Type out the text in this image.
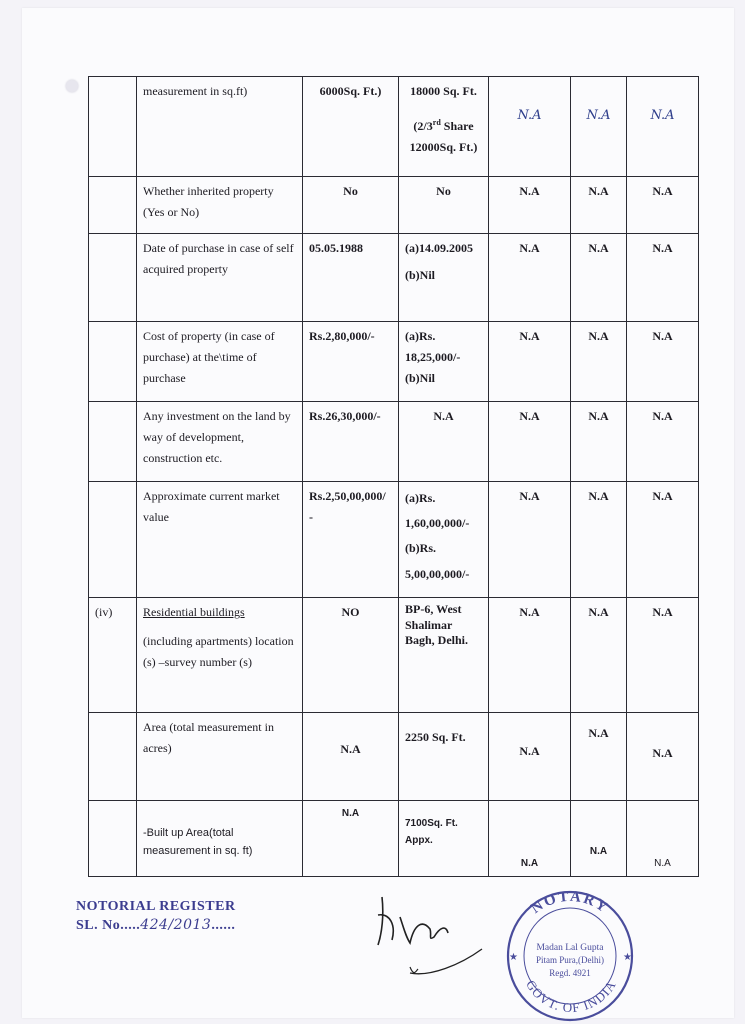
	measurement in sq.ft)	6000Sq. Ft.)	18000 Sq. Ft.
(2/3rd Share
12000Sq. Ft.)	N.A	N.A	N.A
	Whether inherited property (Yes or No)	No	No	N.A	N.A	N.A
	Date of purchase in case of self acquired property	05.05.1988	(a)14.09.2005
(b)Nil	N.A	N.A	N.A
	Cost of property (in case of purchase) at the\time of purchase	Rs.2,80,000/-	(a)Rs. 18,25,000/-
(b)Nil	N.A	N.A	N.A
	Any investment on the land by way of development, construction etc.	Rs.26,30,000/-	N.A	N.A	N.A	N.A
	Approximate current market value	Rs.2,50,00,000/ -	(a)Rs.
1,60,00,000/-
(b)Rs.
5,00,00,000/-	N.A	N.A	N.A
(iv)	Residential buildings
(including apartments) location (s) –survey number (s)	NO	BP-6, West Shalimar Bagh, Delhi.	N.A	N.A	N.A
	Area (total measurement in acres)	N.A	2250 Sq. Ft.	N.A	N.A	N.A
	-Built up Area(total measurement in sq. ft)	N.A	7100Sq. Ft. Appx.	N.A	N.A	N.A
NOTORIAL REGISTER
SL. No.....424/2013......
NOTARY
GOVT. OF INDIA
★	★
Madan Lal Gupta
Pitam Pura,(Delhi)
Regd. 4921
